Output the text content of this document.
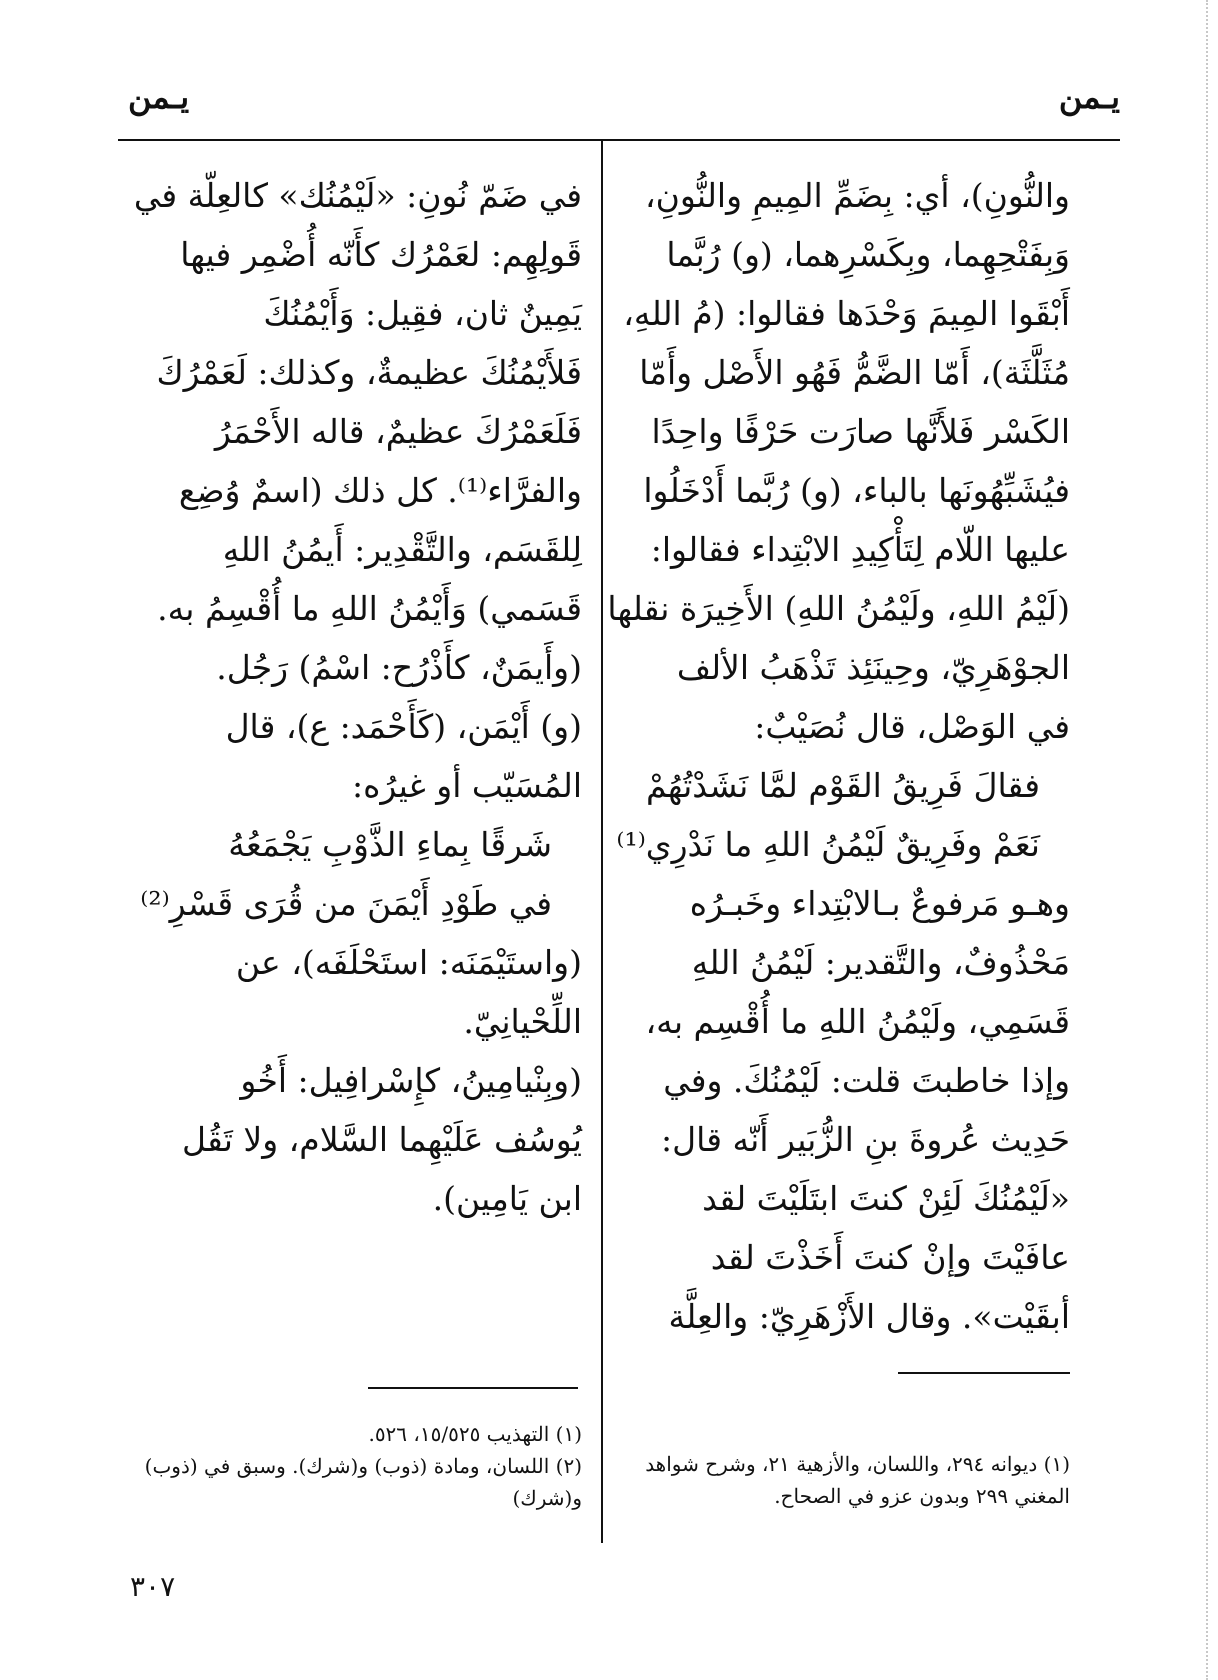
يـمن
يـمن
والنُّونِ)، أي: بِضَمِّ المِيمِ والنُّونِ،
وَبِفَتْحِهِما، وبِكَسْرِهما، (و) رُبَّما
أَبْقَوا المِيمَ وَحْدَها فقالوا: (مُ اللهِ،
مُثَلَّثَة)، أَمّا الضَّمُّ فَهُو الأَصْل وأَمّا
الكَسْر فَلأَنَّها صارَت حَرْفًا واحِدًا
فيُشَبِّهُونَها بالباء، (و) رُبَّما أَدْخَلُوا
عليها اللّام لِتَأْكِيدِ الابْتِداء فقالوا:
(لَيْمُ اللهِ، ولَيْمُنُ اللهِ) الأَخِيرَة نقلها
الجوْهَرِيّ، وحِينَئِذ تَذْهَبُ الألف
في الوَصْل، قال نُصَيْبٌ:
فقالَ فَرِيقُ القَوْم لمَّا نَشَدْتُهُمْ
نَعَمْ وفَرِيقٌ لَيْمُنُ اللهِ ما نَدْرِي⁽¹⁾
وهـو مَرفوعٌ بـالابْتِداء وخَبـرُه
مَحْذُوفٌ، والتَّقدير: لَيْمُنُ اللهِ
قَسَمِي، ولَيْمُنُ اللهِ ما أُقْسِم به،
وإذا خاطبتَ قلت: لَيْمُنُكَ. وفي
حَدِيث عُروةَ بنِ الزُّبَير أَنّه قال:
«لَيْمُنُكَ لَئِنْ كنتَ ابتَلَيْتَ لقد
عافَيْتَ وإنْ كنتَ أَخَذْتَ لقد
أبقَيْت». وقال الأَزْهَرِيّ: والعِلَّة
(١) ديوانه ٢٩٤، واللسان، والأزهية ٢١، وشرح شواهد المغني ٢٩٩ وبدون عزو في الصحاح.
في ضَمّ نُونِ: «لَيْمُنُك» كالعِلّة في
قَولِهِم: لعَمْرُك كأَنّه أُضْمِر فيها
يَمِينٌ ثان، فقِيل: وَأَيْمُنُكَ
فَلأَيْمُنُكَ عظيمةٌ، وكذلك: لَعَمْرُكَ
فَلَعَمْرُكَ عظيمٌ، قاله الأَحْمَرُ
والفرَّاء⁽¹⁾. كل ذلك (اسمٌ وُضِع
لِلقَسَم، والتَّقْدِير: أَيمُنُ اللهِ
قَسَمي) وَأَيْمُنُ اللهِ ما أُقْسِمُ به.
(وأَيمَنٌ، كأَذْرُح: اسْمُ) رَجُل.
(و) أَيْمَن، (كَأَحْمَد: ع)، قال
المُسَيّب أو غيرُه:
شَرقًا بِماءِ الذَّوْبِ يَجْمَعُهُ
في طَوْدِ أَيْمَنَ من قُرَى قَسْرِ⁽²⁾
(واستَيْمَنَه: استَحْلَفَه)، عن
اللِّحْيانِيّ.
(وبِنْيامِينُ، كإِسْرافِيل: أَخُو
يُوسُف عَلَيْهِما السَّلام، ولا تَقُل
ابن يَامِين).
(١) التهذيب ١٥/٥٢٥، ٥٢٦.
(٢) اللسان، ومادة (ذوب) و(شرك). وسبق في (ذوب) و(شرك)
٣٠٧
